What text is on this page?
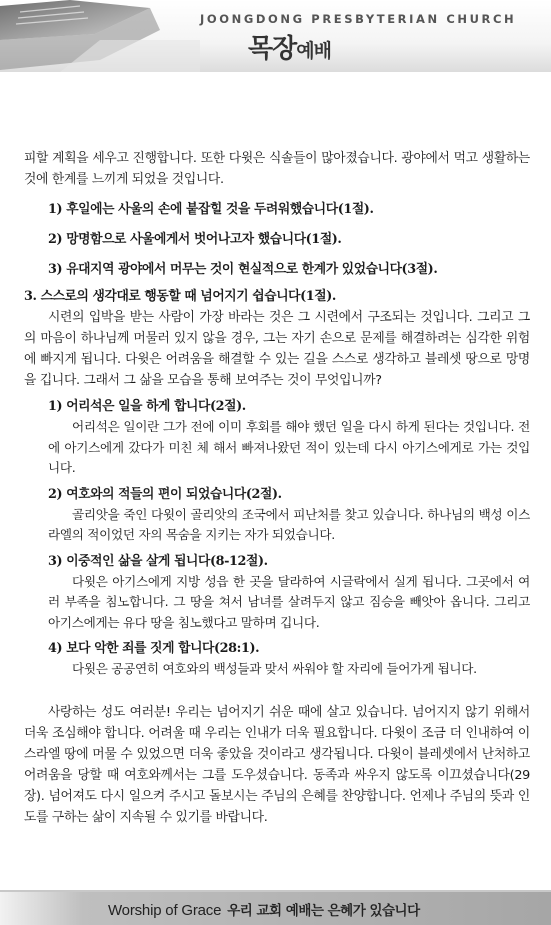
JOONGDONG PRESBYTERIAN CHURCH
목장예배

피할 계획을 세우고 진행합니다. 또한 다윗은 식솔들이 많아졌습니다. 광야에서 먹고 생활하는 것에 한계를 느끼게 되었을 것입니다.

1) 후일에는 사울의 손에 붙잡힐 것을 두려워했습니다(1절).

2) 망명함으로 사울에게서 벗어나고자 했습니다(1절).

3) 유대지역 광야에서 머무는 것이 현실적으로 한계가 있었습니다(3절).

3. 스스로의 생각대로 행동할 때 넘어지기 쉽습니다(1절).

시련의 입박을 받는 사람이 가장 바라는 것은 그 시련에서 구조되는 것입니다. 그리고 그의 마음이 하나님께 머물러 있지 않을 경우, 그는 자기 손으로 문제를 해결하려는 심각한 위험에 빠지게 됩니다. 다윗은 어려움을 해결할 수 있는 길을 스스로 생각하고 블레셋 땅으로 망명을 깁니다. 그래서 그 삶을 모습을 통해 보여주는 것이 무엇입니까?

1) 어리석은 일을 하게 합니다(2절).

어리석은 일이란 그가 전에 이미 후회를 해야 했던 일을 다시 하게 된다는 것입니다. 전에 아기스에게 갔다가 미친 체 해서 빠져나왔던 적이 있는데 다시 아기스에게로 가는 것입니다.

2) 여호와의 적들의 편이 되었습니다(2절).

골리앗을 죽인 다윗이 골리앗의 조국에서 피난처를 찾고 있습니다. 하나님의 백성 이스라엘의 적이었던 자의 목숨을 지키는 자가 되었습니다.

3) 이중적인 삶을 살게 됩니다(8-12절).

다윗은 아기스에게 지방 성읍 한 곳을 달라하여 시글락에서 실게 됩니다. 그곳에서 여러 부족을 침노합니다. 그 땅을 쳐서 남녀를 살려두지 않고 짐승을 빼앗아 옵니다. 그리고 아기스에게는 유다 땅을 침노했다고 말하며 깁니다.

4) 보다 악한 죄를 짓게 합니다(28:1).

다윗은 공공연히 여호와의 백성들과 맞서 싸워야 할 자리에 들어가게 됩니다.

사랑하는 성도 여러분! 우리는 넘어지기 쉬운 때에 살고 있습니다. 넘어지지 않기 위해서 더욱 조심해야 합니다. 어려울 때 우리는 인내가 더욱 필요합니다. 다윗이 조금 더 인내하여 이스라엘 땅에 머물 수 있었으면 더욱 좋았을 것이라고 생각됩니다. 다윗이 블레셋에서 난처하고 어려움을 당할 때 여호와께서는 그를 도우셨습니다. 동족과 싸우지 않도록 이끄셨습니다(29장). 넘어져도 다시 일으켜 주시고 돌보시는 주님의 은혜를 찬양합니다. 언제나 주님의 뜻과 인도를 구하는 삶이 지속될 수 있기를 바랍니다.

Worship of Grace 우리 교회 예배는 은혜가 있습니다
